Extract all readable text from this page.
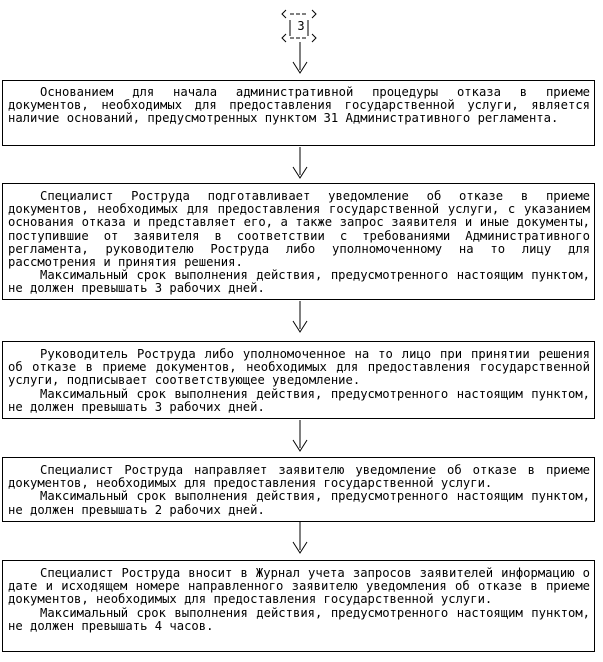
3
Основанием для начала административной процедуры отказа в приеме документов, необходимых для предоставления государственной услуги, является наличие оснований, предусмотренных пунктом 31 Административного регламента.
Специалист Роструда подготавливает уведомление об отказе в приеме документов, необходимых для предоставления государственной услуги, с указанием основания отказа и представляет его, а также запрос заявителя и иные документы, поступившие от заявителя в соответствии с требованиями Административного регламента, руководителю Роструда либо уполномоченному на то лицу для рассмотрения и принятия решения.
Максимальный срок выполнения действия, предусмотренного настоящим пунктом, не должен превышать 3 рабочих дней.
Руководитель Роструда либо уполномоченное на то лицо при принятии решения об отказе в приеме документов, необходимых для предоставления государственной услуги, подписывает соответствующее уведомление.
Максимальный срок выполнения действия, предусмотренного настоящим пунктом, не должен превышать 3 рабочих дней.
Специалист Роструда направляет заявителю уведомление об отказе в приеме документов, необходимых для предоставления государственной услуги.
Максимальный срок выполнения действия, предусмотренного настоящим пунктом, не должен превышать 2 рабочих дней.
Специалист Роструда вносит в Журнал учета запросов заявителей информацию о дате и исходящем номере направленного заявителю уведомления об отказе в приеме документов, необходимых для предоставления государственной услуги.
Максимальный срок выполнения действия, предусмотренного настоящим пунктом, не должен превышать 4 часов.
